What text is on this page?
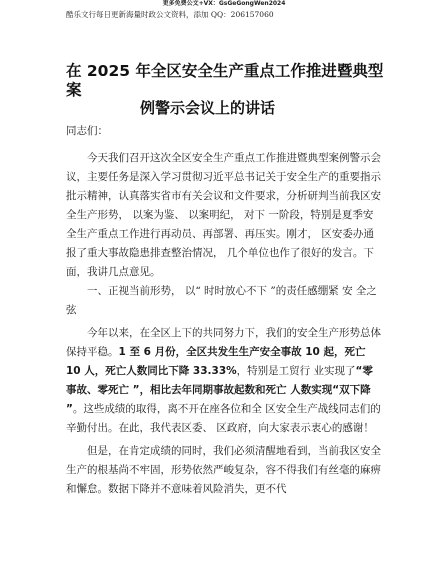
更多免费公文+VX：GsGeGongWen2024
酷乐文行每日更新海量时政公文资料，添加 QQ：206157060
在 2025 年全区安全生产重点工作推进暨典型
案
例警示会议上的讲话

同志们：

今天我们召开这次全区安全生产重点工作推进暨典型案例警示会议，主要任务是深入学习贯彻习近平总书记关于安全生产的重要指示批示精神，认真落实省市有关会议和文件要求，分析研判当前我区安全生产形势， 以案为鉴、 以案明纪， 对下 一阶段，特别是夏季安全生产重点工作进行再动员、再部署、再压实。刚才， 区安委办通报了重大事故隐患排查整治情况， 几个单位也作了很好的发言。下面，我讲几点意见。

一、正视当前形势， 以“ 时时放心不下 ”的责任感绷紧 安 全之弦

今年以来，在全区上下的共同努力下，我们的安全生产形势总体保持平稳。1 至 6 月份，全区共发生生产安全事故 10 起，死亡 10 人，死亡人数同比下降 33.33%，特别是工贸行 业实现了“零事故、零死亡 ”，相比去年同期事故起数和死亡 人数实现“双下降 ”。这些成绩的取得，离不开在座各位和全 区安全生产战线同志们的辛勤付出。在此，我代表区委、 区政府，向大家表示衷心的感谢！

但是，在肯定成绩的同时，我们必须清醒地看到，当前我区安全生产的根基尚不牢固，形势依然严峻复杂，容不得我们有丝毫的麻痹和懈怠。数据下降并不意味着风险消失，更不代
